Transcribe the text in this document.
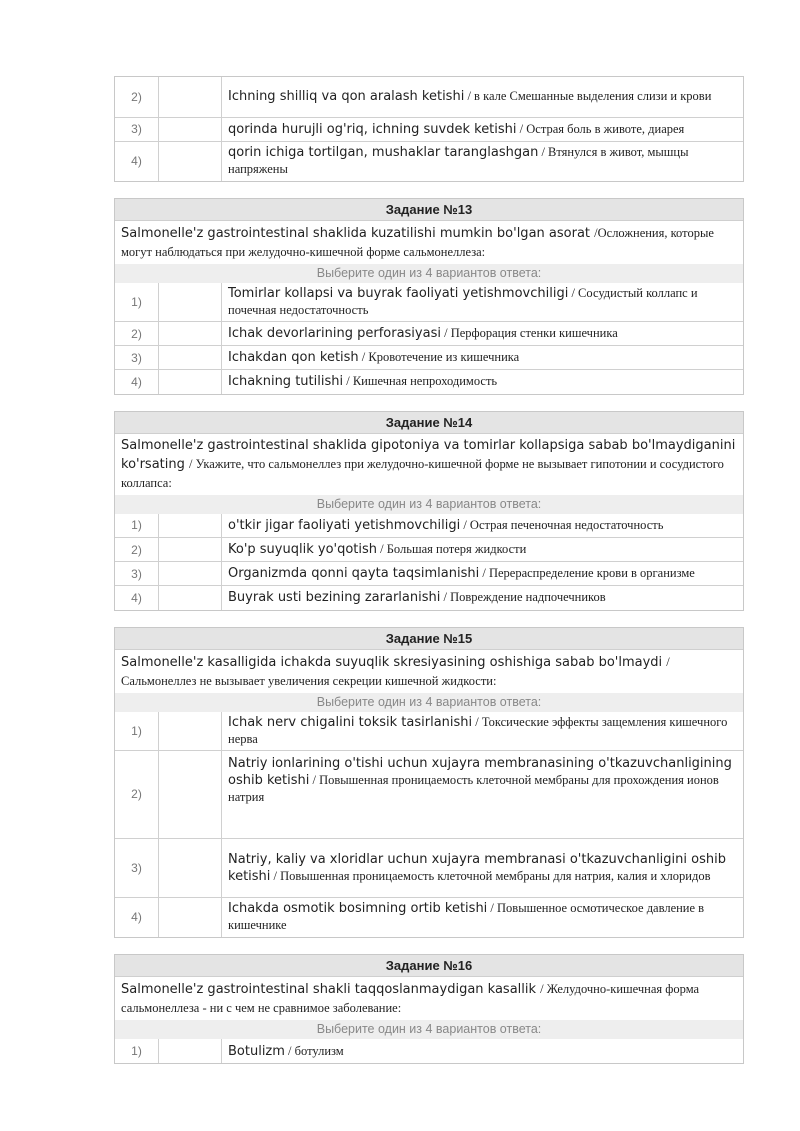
2)		Ichning shilliq va qon aralash ketishi / в кале Смешанные выделения слизи и крови
3)		qorinda hurujli og'riq, ichning suvdek ketishi / Острая боль в животе, диарея
4)		qorin ichiga tortilgan, mushaklar taranglashgan / Втянулся в живот, мышцы напряжены
Задание №13
Salmonelle'z gastrointestinal shaklida kuzatilishi mumkin bo'lgan asorat /Осложнения, которые могут наблюдаться при желудочно-кишечной форме сальмонеллеза:
Выберите один из 4 вариантов ответа:
1)		Tomirlar kollapsi va buyrak faoliyati yetishmovchiligi / Сосудистый коллапс и почечная недостаточность
2)		Ichak devorlarining perforasiyasi / Перфорация стенки кишечника
3)		Ichakdan qon ketish / Кровотечение из кишечника
4)		Ichakning tutilishi / Кишечная непроходимость
Задание №14
Salmonelle'z gastrointestinal shaklida gipotoniya va tomirlar kollapsiga sabab bo'lmaydiganini ko'rsating / Укажите, что сальмонеллез при желудочно-кишечной форме не вызывает гипотонии и сосудистого коллапса:
Выберите один из 4 вариантов ответа:
1)		o'tkir jigar faoliyati yetishmovchiligi / Острая печеночная недостаточность
2)		Ko'p suyuqlik yo'qotish / Большая потеря жидкости
3)		Organizmda qonni qayta taqsimlanishi / Перераспределение крови в организме
4)		Buyrak usti bezining zararlanishi / Повреждение надпочечников
Задание №15
Salmonelle'z kasalligida ichakda suyuqlik skresiyasining oshishiga sabab bo'lmaydi / Сальмонеллез не вызывает увеличения секреции кишечной жидкости:
Выберите один из 4 вариантов ответа:
1)		Ichak nerv chigalini toksik tasirlanishi / Токсические эффекты защемления кишечного нерва
2)		Natriy ionlarining o'tishi uchun xujayra membranasining o'tkazuvchanligining oshib ketishi / Повышенная проницаемость клеточной мембраны для прохождения ионов натрия
3)		Natriy, kaliy va xloridlar uchun xujayra membranasi o'tkazuvchanligini oshib ketishi / Повышенная проницаемость клеточной мембраны для натрия, калия и хлоридов
4)		Ichakda osmotik bosimning ortib ketishi / Повышенное осмотическое давление в кишечнике
Задание №16
Salmonelle'z gastrointestinal shakli taqqoslanmaydigan kasallik / Желудочно-кишечная форма сальмонеллеза - ни с чем не сравнимое заболевание:
Выберите один из 4 вариантов ответа:
1)		Botulizm / ботулизм
